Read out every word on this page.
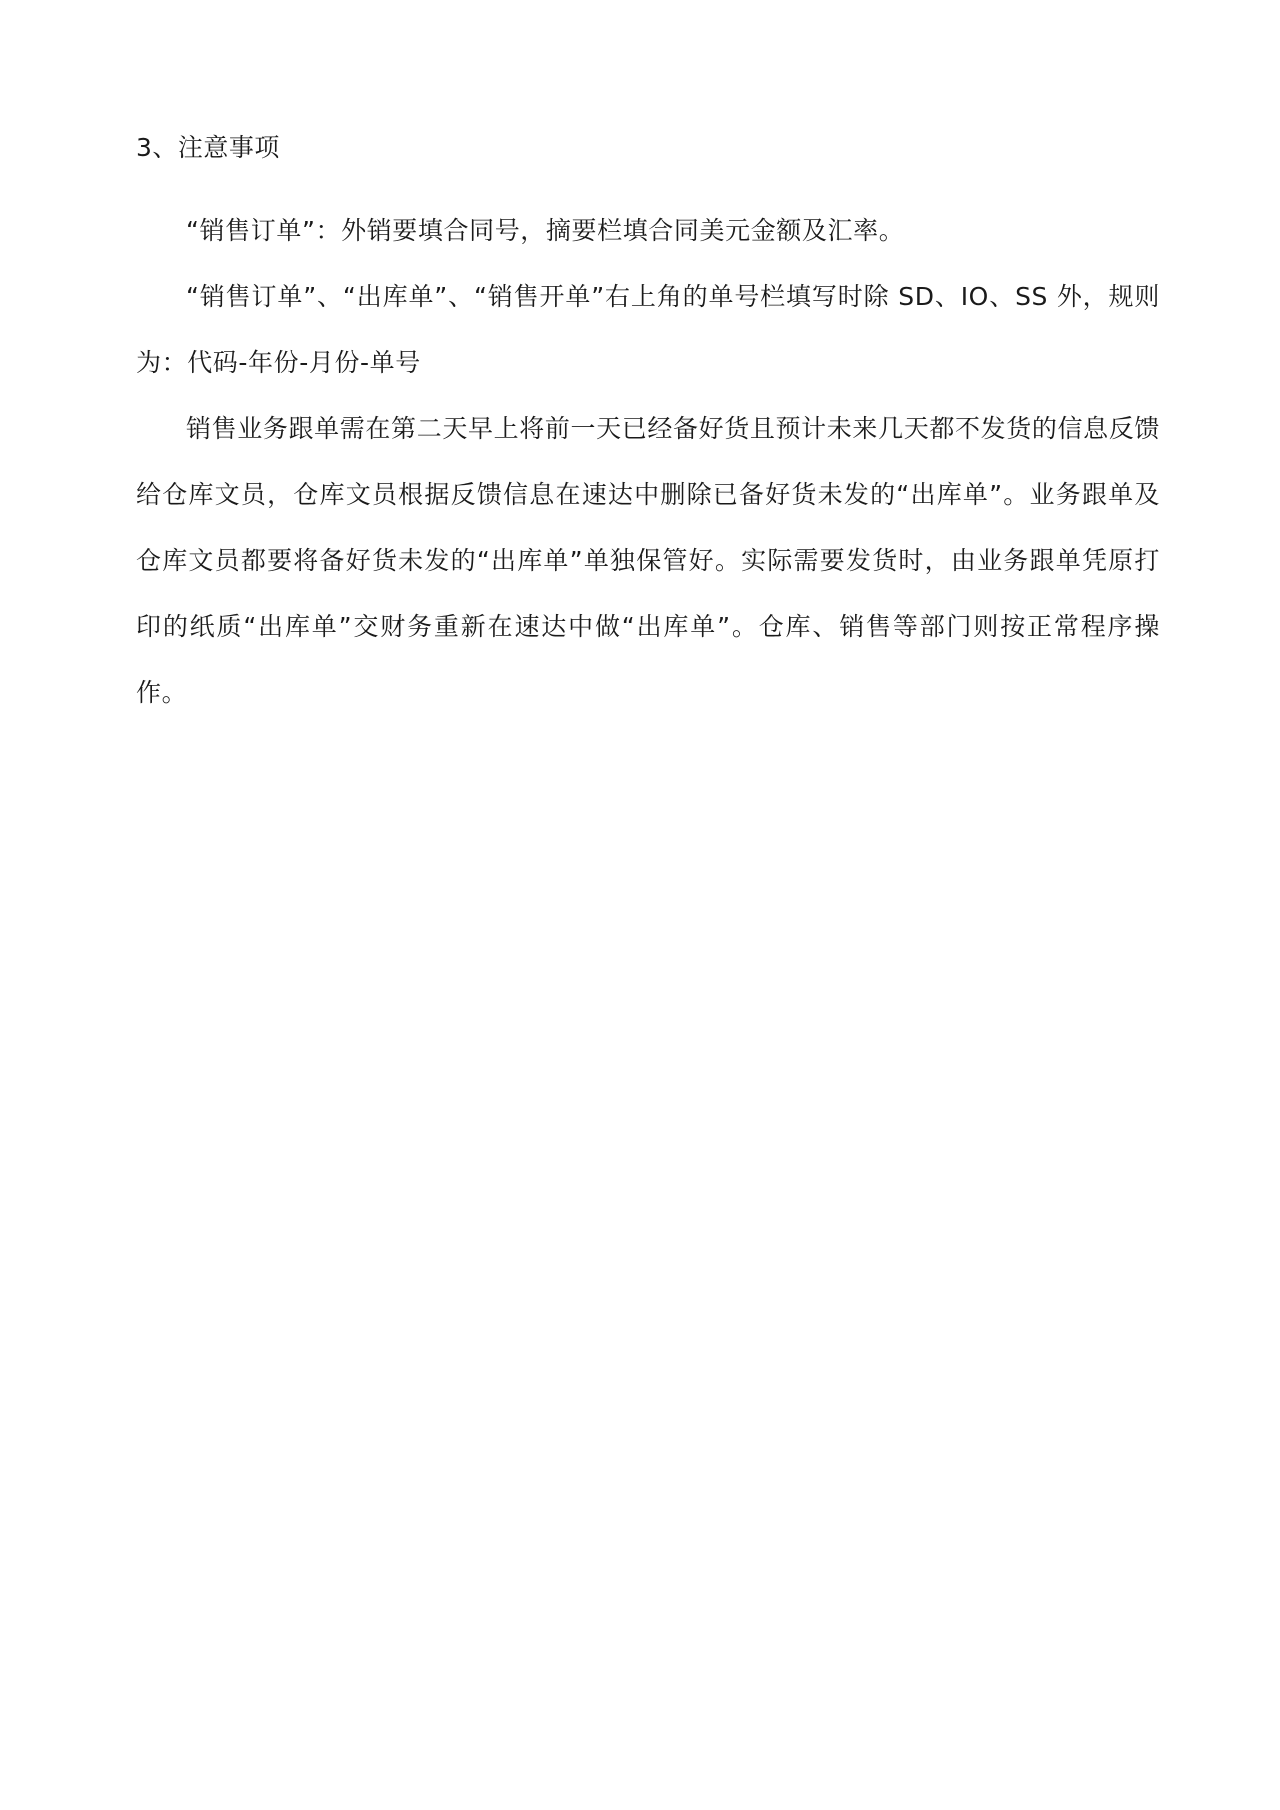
3、注意事项

“销售订单”：外销要填合同号，摘要栏填合同美元金额及汇率。

“销售订单”、“出库单”、“销售开单”右上角的单号栏填写时除 SD、IO、SS 外，规则为：代码-年份-月份-单号

销售业务跟单需在第二天早上将前一天已经备好货且预计未来几天都不发货的信息反馈给仓库文员，仓库文员根据反馈信息在速达中删除已备好货未发的“出库单”。业务跟单及仓库文员都要将备好货未发的“出库单”单独保管好。实际需要发货时，由业务跟单凭原打印的纸质“出库单”交财务重新在速达中做“出库单”。仓库、销售等部门则按正常程序操作。
